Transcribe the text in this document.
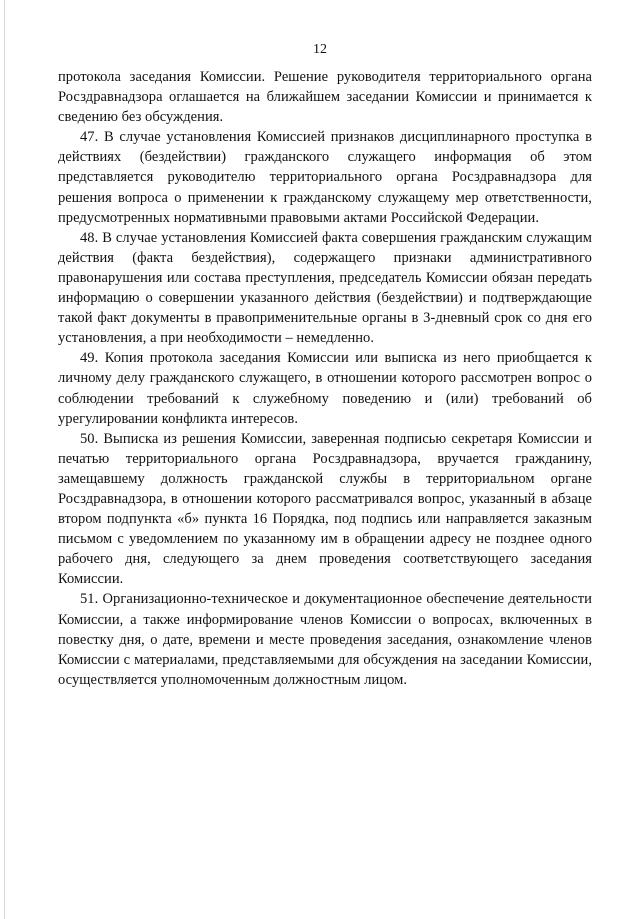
12

протокола заседания Комиссии. Решение руководителя территориального органа Росздравнадзора оглашается на ближайшем заседании Комиссии и принимается к сведению без обсуждения.

47. В случае установления Комиссией признаков дисциплинарного проступка в действиях (бездействии) гражданского служащего информация об этом представляется руководителю территориального органа Росздравнадзора для решения вопроса о применении к гражданскому служащему мер ответственности, предусмотренных нормативными правовыми актами Российской Федерации.

48. В случае установления Комиссией факта совершения гражданским служащим действия (факта бездействия), содержащего признаки административного правонарушения или состава преступления, председатель Комиссии обязан передать информацию о совершении указанного действия (бездействии) и подтверждающие такой факт документы в правоприменительные органы в 3-дневный срок со дня его установления, а при необходимости – немедленно.

49. Копия протокола заседания Комиссии или выписка из него приобщается к личному делу гражданского служащего, в отношении которого рассмотрен вопрос о соблюдении требований к служебному поведению и (или) требований об урегулировании конфликта интересов.

50. Выписка из решения Комиссии, заверенная подписью секретаря Комиссии и печатью территориального органа Росздравнадзора, вручается гражданину, замещавшему должность гражданской службы в территориальном органе Росздравнадзора, в отношении которого рассматривался вопрос, указанный в абзаце втором подпункта «б» пункта 16 Порядка, под подпись или направляется заказным письмом с уведомлением по указанному им в обращении адресу не позднее одного рабочего дня, следующего за днем проведения соответствующего заседания Комиссии.

51. Организационно-техническое и документационное обеспечение деятельности Комиссии, а также информирование членов Комиссии о вопросах, включенных в повестку дня, о дате, времени и месте проведения заседания, ознакомление членов Комиссии с материалами, представляемыми для обсуждения на заседании Комиссии, осуществляется уполномоченным должностным лицом.
